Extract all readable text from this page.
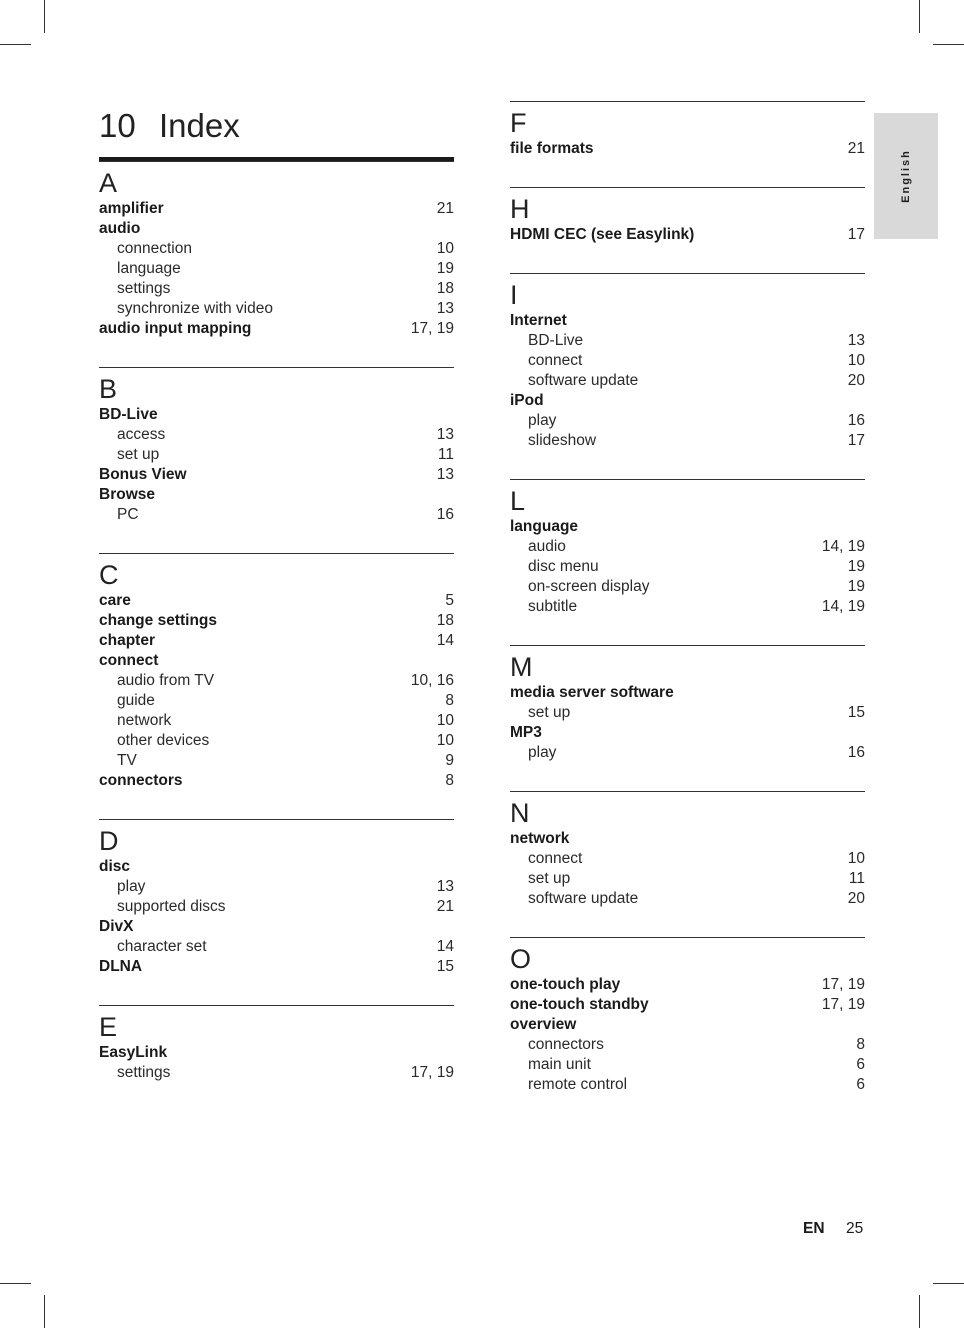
English
10 Index
A
amplifier	21
audio
connection	10
language	19
settings	18
synchronize with video	13
audio input mapping	17, 19
B
BD-Live
access	13
set up	11
Bonus View	13
Browse
PC	16
C
care	5
change settings	18
chapter	14
connect
audio from TV	10, 16
guide	8
network	10
other devices	10
TV	9
connectors	8
D
disc
play	13
supported discs	21
DivX
character set	14
DLNA	15
E
EasyLink
settings	17, 19
F
file formats	21
H
HDMI CEC (see Easylink)	17
I
Internet
BD-Live	13
connect	10
software update	20
iPod
play	16
slideshow	17
L
language
audio	14, 19
disc menu	19
on-screen display	19
subtitle	14, 19
M
media server software
set up	15
MP3
play	16
N
network
connect	10
set up	11
software update	20
O
one-touch play	17, 19
one-touch standby	17, 19
overview
connectors	8
main unit	6
remote control	6
EN 25
